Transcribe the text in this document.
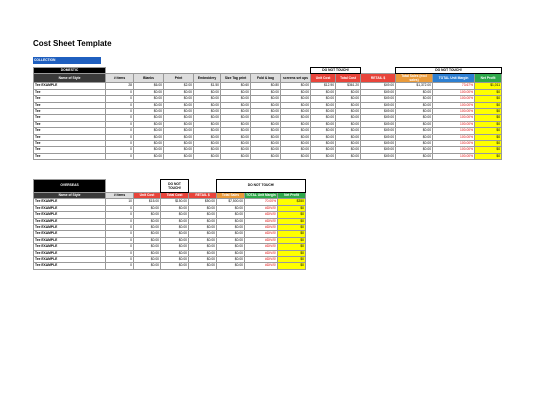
Cost Sheet Template
COLLECTION
DOMESTIC								DO NOT TOUCH!			DO NOT TOUCH!		
Name of Style	# items	Blanks	Print	Embroidery	Size Tag print	Fold & bag	screens set ups	Unit Cost	Total Cost	RETAIL $	Total Sales (excl sales)	TOTAL Unit Margin	Net Profit
Tee EXAMPLE	28	$6.00	$2.00	$1.50	$0.60	$0.80	$0.00	$12.90	$361.20	$49.00	$1,372.00	73.67%	$1,011
Tee	0	$0.00	$0.00	$0.00	$0.00	$0.00	$0.00	$0.00	$0.00	$49.00	$0.00	100.00%	$0
Tee	0	$0.00	$0.00	$0.00	$0.00	$0.00	$0.00	$0.00	$0.00	$49.00	$0.00	100.00%	$0
Tee	0	$0.00	$0.00	$0.00	$0.00	$0.00	$0.00	$0.00	$0.00	$49.00	$0.00	100.00%	$0
Tee	0	$0.00	$0.00	$0.00	$0.00	$0.00	$0.00	$0.00	$0.00	$49.00	$0.00	100.00%	$0
Tee	0	$0.00	$0.00	$0.00	$0.00	$0.00	$0.00	$0.00	$0.00	$49.00	$0.00	100.00%	$0
Tee	0	$0.00	$0.00	$0.00	$0.00	$0.00	$0.00	$0.00	$0.00	$49.00	$0.00	100.00%	$0
Tee	0	$0.00	$0.00	$0.00	$0.00	$0.00	$0.00	$0.00	$0.00	$49.00	$0.00	100.00%	$0
Tee	0	$0.00	$0.00	$0.00	$0.00	$0.00	$0.00	$0.00	$0.00	$49.00	$0.00	100.00%	$0
Tee	0	$0.00	$0.00	$0.00	$0.00	$0.00	$0.00	$0.00	$0.00	$49.00	$0.00	100.00%	$0
Tee	0	$0.00	$0.00	$0.00	$0.00	$0.00	$0.00	$0.00	$0.00	$49.00	$0.00	100.00%	$0
Tee	0	$0.00	$0.00	$0.00	$0.00	$0.00	$0.00	$0.00	$0.00	$49.00	$0.00	100.00%	$0
OVERSEAS			DO NOT TOUCH!		DO NOT TOUCH!		
Name of Style	# items	Unit Cost	Total Cost	RETAIL $	Total Sales	TOTAL Unit Margin	Net Profit
Tee EXAMPLE	10	$15.00	$150.00	$50.00	$7,500.00	70.00%	$350
Tee EXAMPLE	0	$0.00	$0.00	$0.00	$0.00	#DIV/0!	$0
Tee EXAMPLE	0	$0.00	$0.00	$0.00	$0.00	#DIV/0!	$0
Tee EXAMPLE	0	$0.00	$0.00	$0.00	$0.00	#DIV/0!	$0
Tee EXAMPLE	0	$0.00	$0.00	$0.00	$0.00	#DIV/0!	$0
Tee EXAMPLE	0	$0.00	$0.00	$0.00	$0.00	#DIV/0!	$0
Tee EXAMPLE	0	$0.00	$0.00	$0.00	$0.00	#DIV/0!	$0
Tee EXAMPLE	0	$0.00	$0.00	$0.00	$0.00	#DIV/0!	$0
Tee EXAMPLE	0	$0.00	$0.00	$0.00	$0.00	#DIV/0!	$0
Tee EXAMPLE	0	$0.00	$0.00	$0.00	$0.00	#DIV/0!	$0
Tee EXAMPLE	0	$0.00	$0.00	$0.00	$0.00	#DIV/0!	$0
